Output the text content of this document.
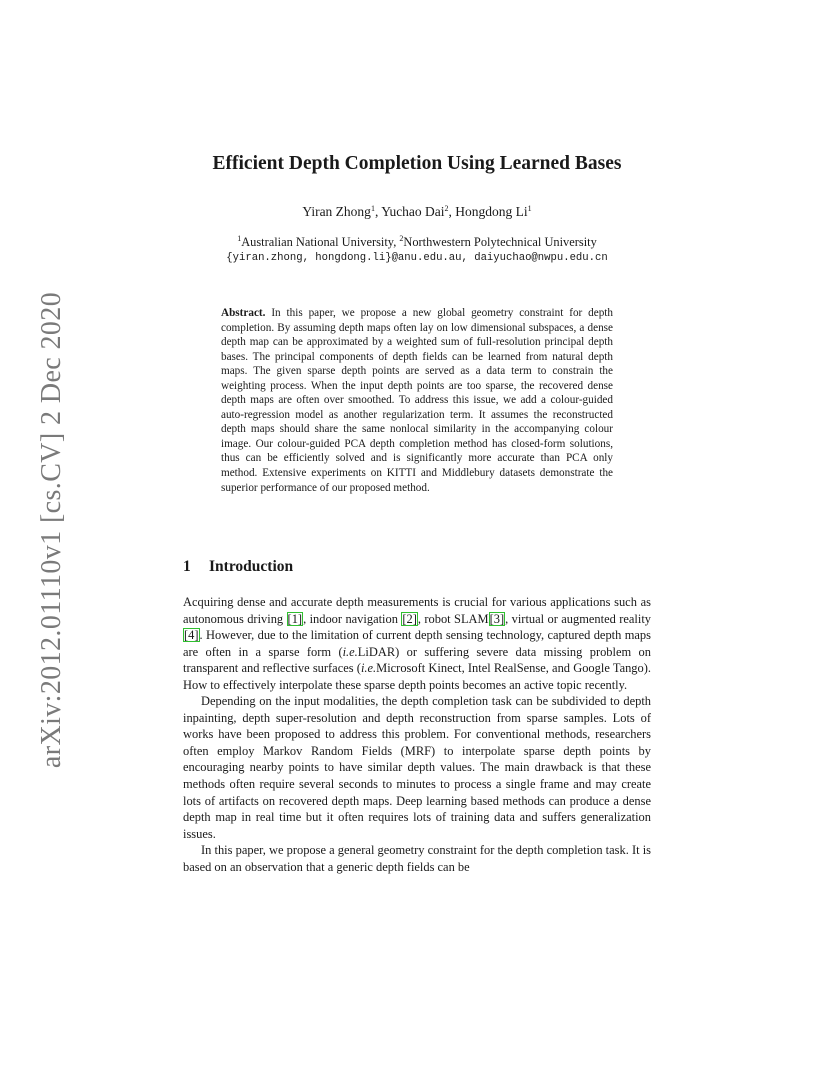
arXiv:2012.01110v1 [cs.CV] 2 Dec 2020
Efficient Depth Completion Using Learned Bases
Yiran Zhong$^1$, Yuchao Dai$^2$, Hongdong Li$^1$
$^1$Australian National University, $^2$Northwestern Polytechnical University
{yiran.zhong, hongdong.li}@anu.edu.au, daiyuchao@nwpu.edu.cn
Abstract. In this paper, we propose a new global geometry constraint for depth completion. By assuming depth maps often lay on low dimensional subspaces, a dense depth map can be approximated by a weighted sum of full-resolution principal depth bases. The principal components of depth fields can be learned from natural depth maps. The given sparse depth points are served as a data term to constrain the weighting process. When the input depth points are too sparse, the recovered dense depth maps are often over smoothed. To address this issue, we add a colour-guided auto-regression model as another regularization term. It assumes the reconstructed depth maps should share the same nonlocal similarity in the accompanying colour image. Our colour-guided PCA depth completion method has closed-form solutions, thus can be efficiently solved and is significantly more accurate than PCA only method. Extensive experiments on KITTI and Middlebury datasets demonstrate the superior performance of our proposed method.
1 Introduction

Acquiring dense and accurate depth measurements is crucial for various applications such as autonomous driving [1], indoor navigation [2], robot SLAM[3], virtual or augmented reality [4]. However, due to the limitation of current depth sensing technology, captured depth maps are often in a sparse form (i.e.LiDAR) or suffering severe data missing problem on transparent and reflective surfaces (i.e.Microsoft Kinect, Intel RealSense, and Google Tango). How to effectively interpolate these sparse depth points becomes an active topic recently.

Depending on the input modalities, the depth completion task can be subdivided to depth inpainting, depth super-resolution and depth reconstruction from sparse samples. Lots of works have been proposed to address this problem. For conventional methods, researchers often employ Markov Random Fields (MRF) to interpolate sparse depth points by encouraging nearby points to have similar depth values. The main drawback is that these methods often require several seconds to minutes to process a single frame and may create lots of artifacts on recovered depth maps. Deep learning based methods can produce a dense depth map in real time but it often requires lots of training data and suffers generalization issues.

In this paper, we propose a general geometry constraint for the depth completion task. It is based on an observation that a generic depth fields can be
